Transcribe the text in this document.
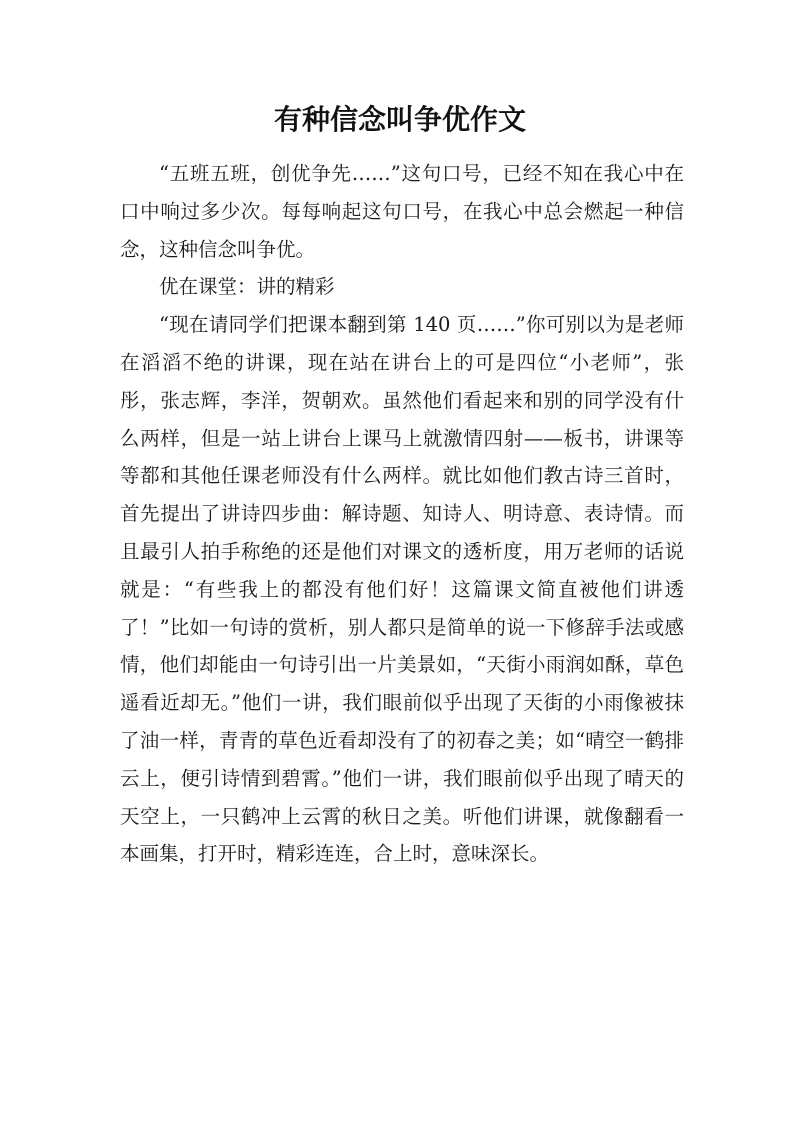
有种信念叫争优作文

“五班五班，创优争先……”这句口号，已经不知在我心中在口中响过多少次。每每响起这句口号，在我心中总会燃起一种信念，这种信念叫争优。

优在课堂：讲的精彩

“现在请同学们把课本翻到第 140 页……”你可别以为是老师在滔滔不绝的讲课，现在站在讲台上的可是四位“小老师”，张彤，张志辉，李洋，贺朝欢。虽然他们看起来和别的同学没有什么两样，但是一站上讲台上课马上就激情四射——板书，讲课等等都和其他任课老师没有什么两样。就比如他们教古诗三首时，首先提出了讲诗四步曲：解诗题、知诗人、明诗意、表诗情。而且最引人拍手称绝的还是他们对课文的透析度，用万老师的话说就是：“有些我上的都没有他们好！这篇课文简直被他们讲透了！”比如一句诗的赏析，别人都只是简单的说一下修辞手法或感情，他们却能由一句诗引出一片美景如，“天街小雨润如酥，草色遥看近却无。”他们一讲，我们眼前似乎出现了天街的小雨像被抹了油一样，青青的草色近看却没有了的初春之美；如“晴空一鹤排云上，便引诗情到碧霄。”他们一讲，我们眼前似乎出现了晴天的天空上，一只鹤冲上云霄的秋日之美。听他们讲课，就像翻看一本画集，打开时，精彩连连，合上时，意味深长。
